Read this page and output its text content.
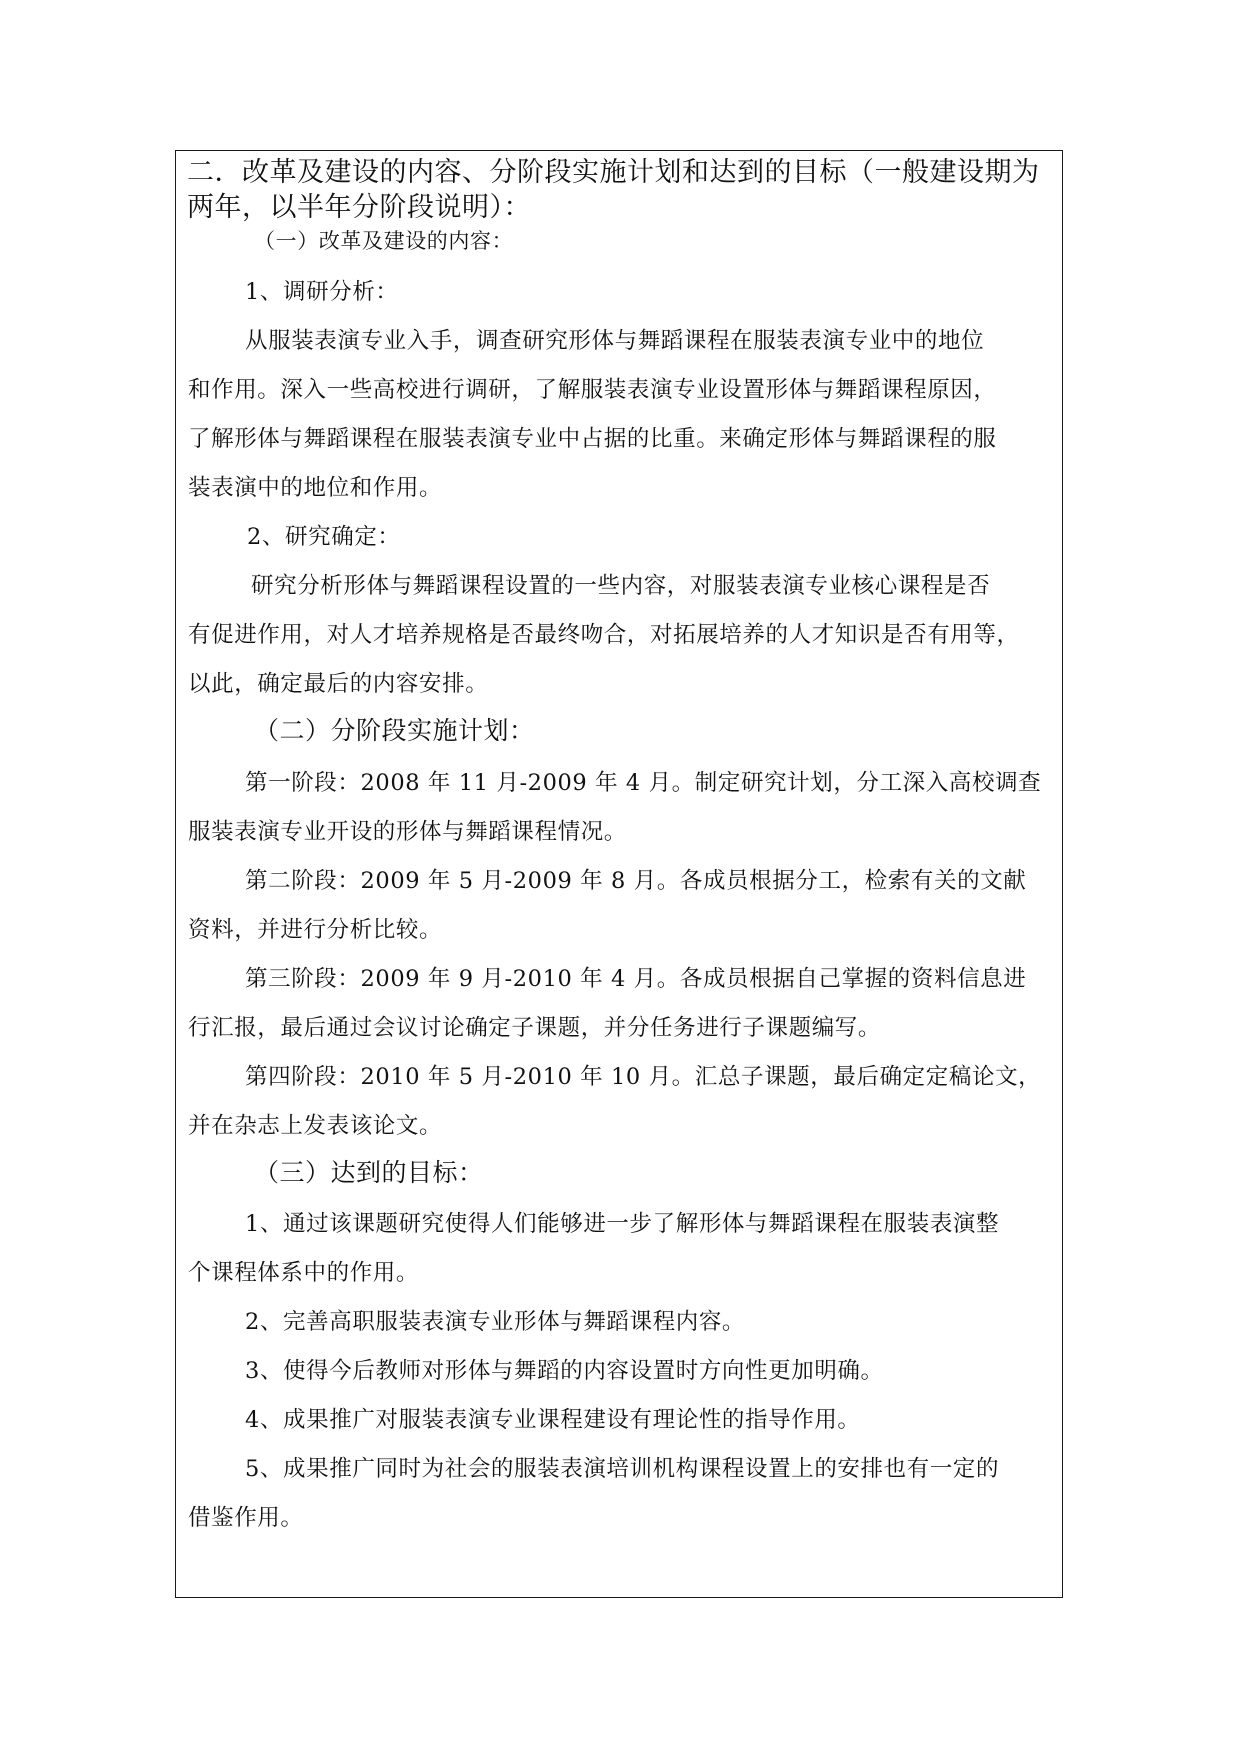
二．改革及建设的内容、分阶段实施计划和达到的目标（一般建设期为两年，以半年分阶段说明）：
（一）改革及建设的内容：
1、调研分析：
从服装表演专业入手，调查研究形体与舞蹈课程在服装表演专业中的地位
和作用。深入一些高校进行调研，了解服装表演专业设置形体与舞蹈课程原因，
了解形体与舞蹈课程在服装表演专业中占据的比重。来确定形体与舞蹈课程的服
装表演中的地位和作用。
2、研究确定：
研究分析形体与舞蹈课程设置的一些内容，对服装表演专业核心课程是否
有促进作用，对人才培养规格是否最终吻合，对拓展培养的人才知识是否有用等，
以此，确定最后的内容安排。
（二）分阶段实施计划：
第一阶段：2008 年 11 月-2009 年 4 月。制定研究计划，分工深入高校调查
服装表演专业开设的形体与舞蹈课程情况。
第二阶段：2009 年 5 月-2009 年 8 月。各成员根据分工，检索有关的文献
资料，并进行分析比较。
第三阶段：2009 年 9 月-2010 年 4 月。各成员根据自己掌握的资料信息进
行汇报，最后通过会议讨论确定子课题，并分任务进行子课题编写。
第四阶段：2010 年 5 月-2010 年 10 月。汇总子课题，最后确定定稿论文，
并在杂志上发表该论文。
（三）达到的目标：
1、通过该课题研究使得人们能够进一步了解形体与舞蹈课程在服装表演整
个课程体系中的作用。
2、完善高职服装表演专业形体与舞蹈课程内容。
3、使得今后教师对形体与舞蹈的内容设置时方向性更加明确。
4、成果推广对服装表演专业课程建设有理论性的指导作用。
5、成果推广同时为社会的服装表演培训机构课程设置上的安排也有一定的
借鉴作用。
